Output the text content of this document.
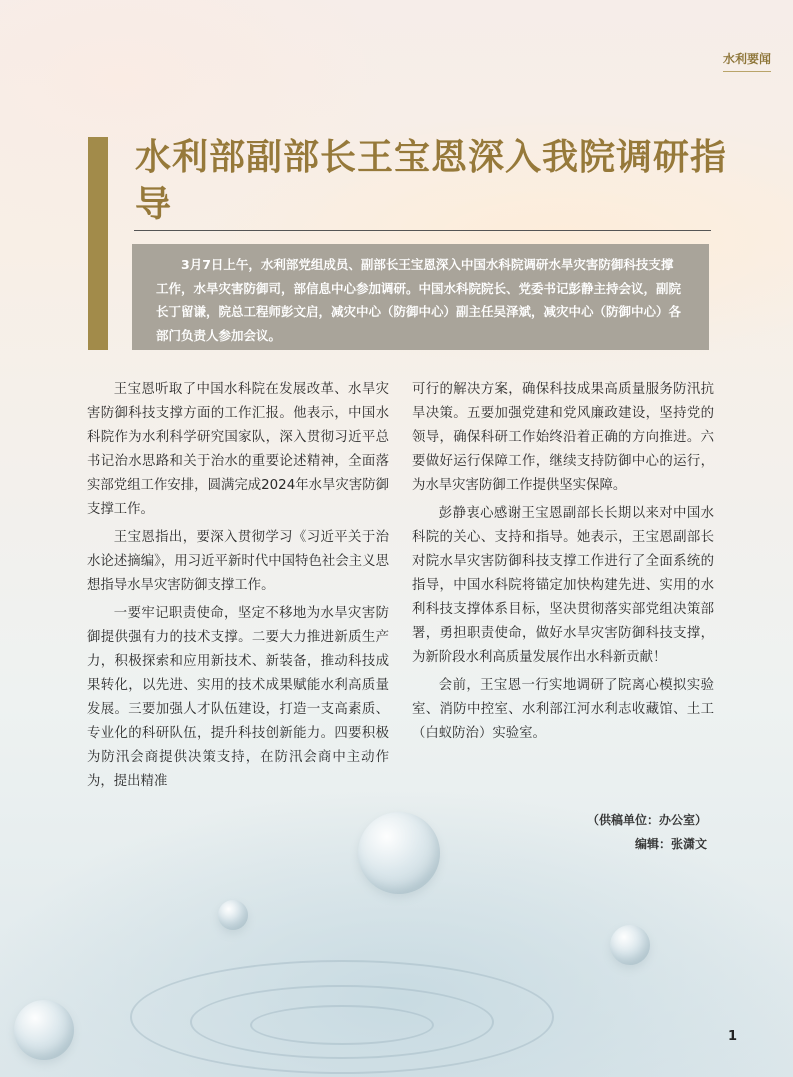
水利要闻
水利部副部长王宝恩深入我院调研指导

3月7日上午，水利部党组成员、副部长王宝恩深入中国水科院调研水旱灾害防御科技支撑工作，水旱灾害防御司，部信息中心参加调研。中国水科院院长、党委书记彭静主持会议，副院长丁留谦，院总工程师彭文启，减灾中心（防御中心）副主任吴泽斌，减灾中心（防御中心）各部门负责人参加会议。

王宝恩听取了中国水科院在发展改革、水旱灾害防御科技支撑方面的工作汇报。他表示，中国水科院作为水利科学研究国家队，深入贯彻习近平总书记治水思路和关于治水的重要论述精神，全面落实部党组工作安排，圆满完成2024年水旱灾害防御支撑工作。

王宝恩指出，要深入贯彻学习《习近平关于治水论述摘编》，用习近平新时代中国特色社会主义思想指导水旱灾害防御支撑工作。

一要牢记职责使命，坚定不移地为水旱灾害防御提供强有力的技术支撑。二要大力推进新质生产力，积极探索和应用新技术、新装备，推动科技成果转化，以先进、实用的技术成果赋能水利高质量发展。三要加强人才队伍建设，打造一支高素质、专业化的科研队伍，提升科技创新能力。四要积极为防汛会商提供决策支持，在防汛会商中主动作为，提出精准

可行的解决方案，确保科技成果高质量服务防汛抗旱决策。五要加强党建和党风廉政建设，坚持党的领导，确保科研工作始终沿着正确的方向推进。六要做好运行保障工作，继续支持防御中心的运行，为水旱灾害防御工作提供坚实保障。

彭静衷心感谢王宝恩副部长长期以来对中国水科院的关心、支持和指导。她表示，王宝恩副部长对院水旱灾害防御科技支撑工作进行了全面系统的指导，中国水科院将锚定加快构建先进、实用的水利科技支撑体系目标，坚决贯彻落实部党组决策部署，勇担职责使命，做好水旱灾害防御科技支撑，为新阶段水利高质量发展作出水科新贡献！

会前，王宝恩一行实地调研了院离心模拟实验室、消防中控室、水利部江河水利志收藏馆、土工（白蚁防治）实验室。

（供稿单位：办公室）
编辑：张潇文
1
